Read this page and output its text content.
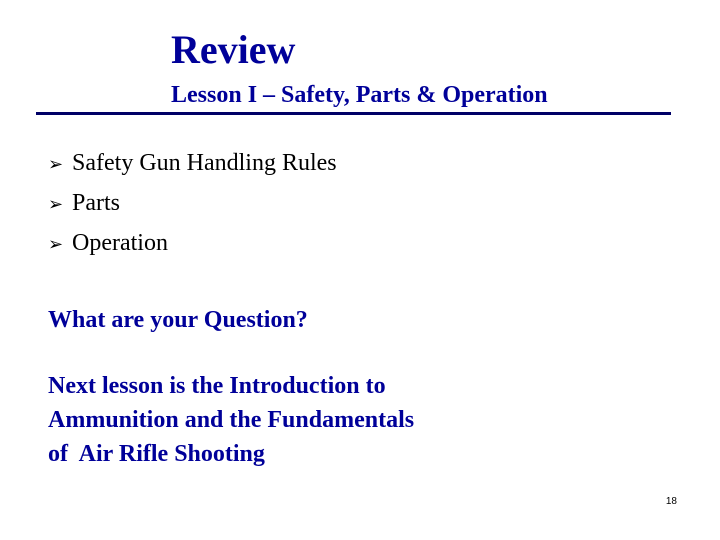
Review
Lesson I – Safety, Parts & Operation
➢ Safety Gun Handling Rules
➢ Parts
➢ Operation
What are your Question?
Next lesson is the Introduction to
Ammunition and the Fundamentals
of  Air Rifle Shooting
18
